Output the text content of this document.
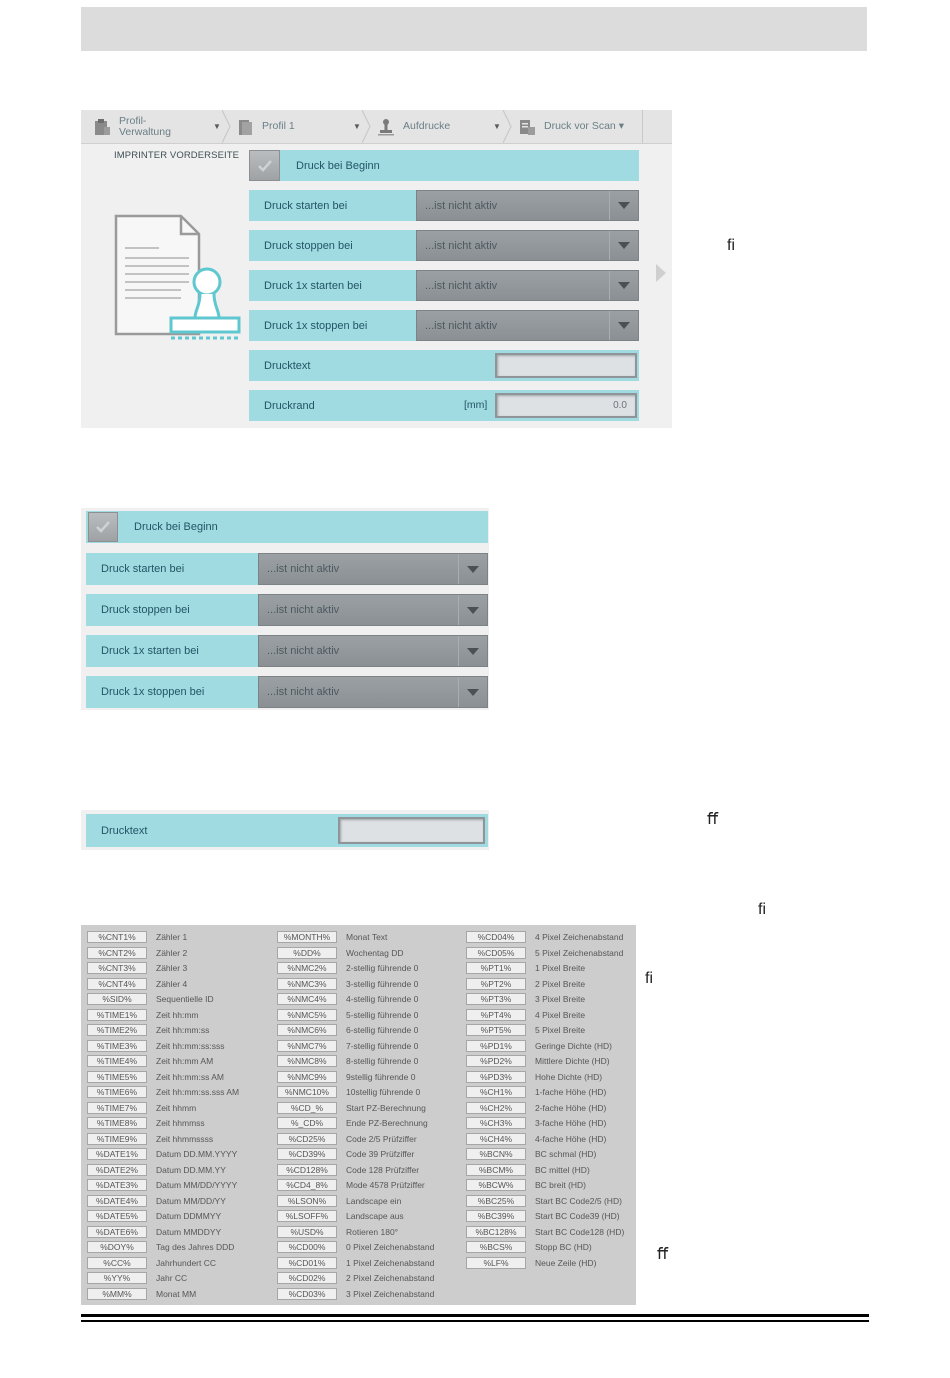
Profil-
Verwaltung	▼	Profil 1	▼	Aufdrucke	▼	Druck vor Scan ▾
IMPRINTER VORDERSEITE
Druck bei Beginn
Druck starten bei	...ist nicht aktiv
Druck stoppen bei	...ist nicht aktiv
Druck 1x starten bei	...ist nicht aktiv
Druck 1x stoppen bei	...ist nicht aktiv
Drucktext
Druckrand	[mm]	0.0
ﬁ
Druck bei Beginn
Druck starten bei	...ist nicht aktiv
Druck stoppen bei	...ist nicht aktiv
Druck 1x starten bei	...ist nicht aktiv
Druck 1x stoppen bei	...ist nicht aktiv
Drucktext
ﬀ
ﬁ
ﬁ
ﬀ
%CNT1%	Zähler 1
%CNT2%	Zähler 2
%CNT3%	Zähler 3
%CNT4%	Zähler 4
%SID%	Sequentielle ID
%TIME1%	Zeit hh:mm
%TIME2%	Zeit hh:mm:ss
%TIME3%	Zeit hh:mm:ss:sss
%TIME4%	Zeit hh:mm AM
%TIME5%	Zeit hh:mm:ss AM
%TIME6%	Zeit hh:mm:ss.sss AM
%TIME7%	Zeit hhmm
%TIME8%	Zeit hhmmss
%TIME9%	Zeit hhmmssss
%DATE1%	Datum DD.MM.YYYY
%DATE2%	Datum DD.MM.YY
%DATE3%	Datum MM/DD/YYYY
%DATE4%	Datum MM/DD/YY
%DATE5%	Datum DDMMYY
%DATE6%	Datum MMDDYY
%DOY%	Tag des Jahres DDD
%CC%	Jahrhundert CC
%YY%	Jahr CC
%MM%	Monat MM
%MONTH%	Monat Text
%DD%	Wochentag DD
%NMC2%	2-stellig führende 0
%NMC3%	3-stellig führende 0
%NMC4%	4-stellig führende 0
%NMC5%	5-stellig führende 0
%NMC6%	6-stellig führende 0
%NMC7%	7-stellig führende 0
%NMC8%	8-stellig führende 0
%NMC9%	9stellig führende 0
%NMC10%	10stellig führende 0
%CD_%	Start PZ-Berechnung
%_CD%	Ende PZ-Berechnung
%CD25%	Code 2/5 Prüfziffer
%CD39%	Code 39 Prüfziffer
%CD128%	Code 128 Prüfziffer
%CD4_8%	Mode 4578 Prüfziffer
%LSON%	Landscape ein
%LSOFF%	Landscape aus
%USD%	Rotieren 180°
%CD00%	0 Pixel Zeichenabstand
%CD01%	1 Pixel Zeichenabstand
%CD02%	2 Pixel Zeichenabstand
%CD03%	3 Pixel Zeichenabstand
%CD04%	4 Pixel Zeichenabstand
%CD05%	5 Pixel Zeichenabstand
%PT1%	1 Pixel Breite
%PT2%	2 Pixel Breite
%PT3%	3 Pixel Breite
%PT4%	4 Pixel Breite
%PT5%	5 Pixel Breite
%PD1%	Geringe Dichte (HD)
%PD2%	Mittlere Dichte (HD)
%PD3%	Hohe Dichte (HD)
%CH1%	1-fache Höhe (HD)
%CH2%	2-fache Höhe (HD)
%CH3%	3-fache Höhe (HD)
%CH4%	4-fache Höhe (HD)
%BCN%	BC schmal (HD)
%BCM%	BC mittel (HD)
%BCW%	BC breit (HD)
%BC25%	Start BC Code2/5 (HD)
%BC39%	Start BC Code39 (HD)
%BC128%	Start BC Code128 (HD)
%BCS%	Stopp BC (HD)
%LF%	Neue Zeile (HD)
